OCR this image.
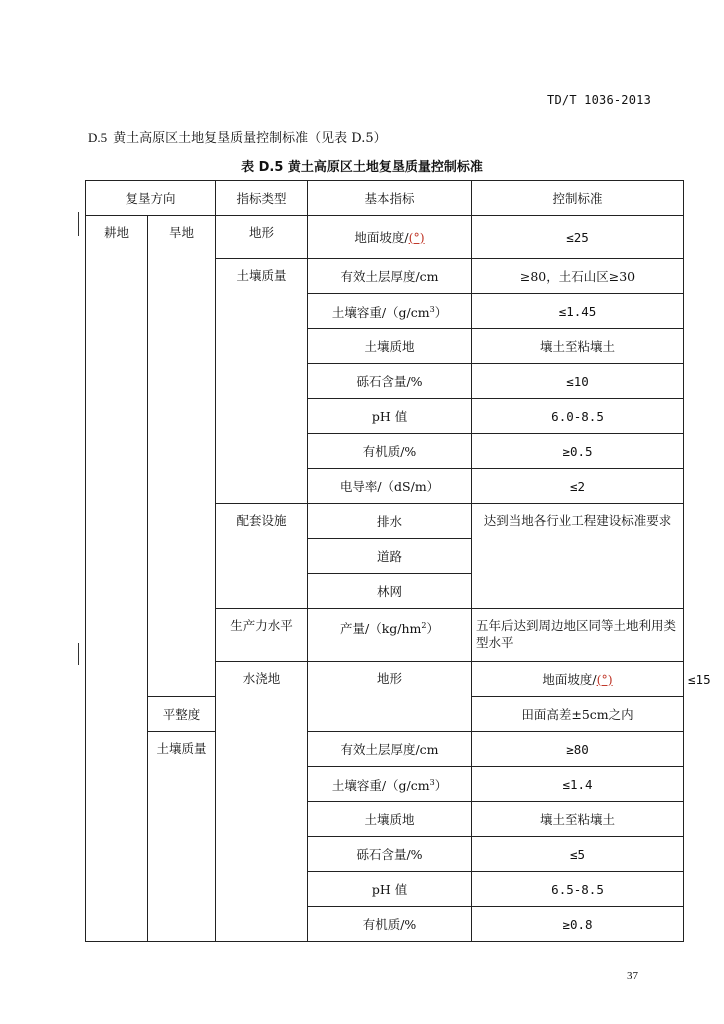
TD/T 1036-2013
D.5 黄土高原区土地复垦质量控制标准（见表 D.5）
表 D.5 黄土高原区土地复垦质量控制标准
复垦方向		指标类型	基本指标	控制标准	
耕地	旱地	地形	地面坡度/(°)	≤25	
		土壤质量	有效土层厚度/cm	≥80，土石山区≥30	
			土壤容重$/(g/cm^3)$	≤1.45	
			土壤质地	壤土至粘壤土	
			砾石含量/%	≤10	
			pH 值	6.0-8.5	
			有机质/%	≥0.5	
			电导率/（dS/m）	≤2	
		配套设施	排水	达到当地各行业工程建设标准要求	
			道路		
			林网		
		生产力水平	产量$/(kg/hm^2)$	五年后达到周边地区同等土地利用类型水平	
		水浇地	地形	地面坡度/(°)	≤15
	平整度			田面高差±5cm之内	
	土壤质量		有效土层厚度/cm	≥80	
			土壤容重$/(g/cm^3)$	≤1.4	
			土壤质地	壤土至粘壤土	
			砾石含量/%	≤5	
			pH 值	6.5-8.5	
			有机质/%	≥0.8	
37
